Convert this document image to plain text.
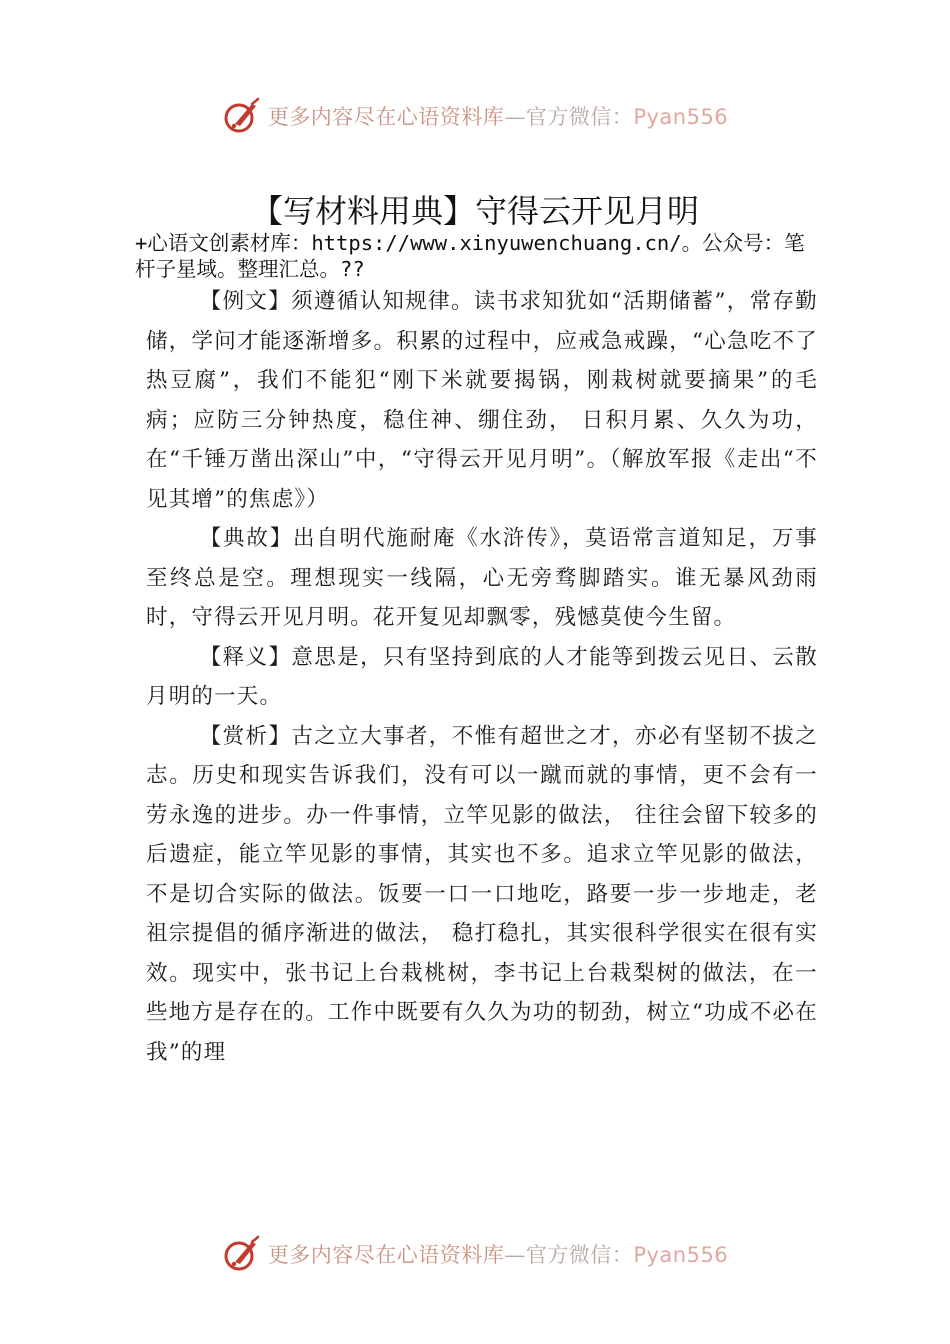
更多内容尽在心语资料库—官方微信：Pyan556
【写材料用典】守得云开见月明
+心语文创素材库：https://www.xinyuwenchuang.cn/。公众号：笔杆子星域。整理汇总。??

【例文】须遵循认知规律。读书求知犹如“活期储蓄”，常存勤储，学问才能逐渐增多。积累的过程中，应戒急戒躁，“心急吃不了热豆腐”，我们不能犯“刚下米就要揭锅，刚栽树就要摘果”的毛病；应防三分钟热度，稳住神、绷住劲， 日积月累、久久为功，在“千锤万凿出深山”中，“守得云开见月明”。（解放军报《走出“不见其增”的焦虑》）

【典故】出自明代施耐庵《水浒传》，莫语常言道知足，万事至终总是空。理想现实一线隔，心无旁骛脚踏实。谁无暴风劲雨时，守得云开见月明。花开复见却飘零，残憾莫使今生留。

【释义】意思是，只有坚持到底的人才能等到拨云见日、云散月明的一天。

【赏析】古之立大事者，不惟有超世之才，亦必有坚韧不拔之志。历史和现实告诉我们，没有可以一蹴而就的事情，更不会有一劳永逸的进步。办一件事情，立竿见影的做法， 往往会留下较多的后遗症，能立竿见影的事情，其实也不多。追求立竿见影的做法，不是切合实际的做法。饭要一口一口地吃，路要一步一步地走，老祖宗提倡的循序渐进的做法， 稳打稳扎，其实很科学很实在很有实效。现实中，张书记上台栽桃树，李书记上台栽梨树的做法，在一些地方是存在的。工作中既要有久久为功的韧劲，树立“功成不必在我”的理

更多内容尽在心语资料库—官方微信：Pyan556
